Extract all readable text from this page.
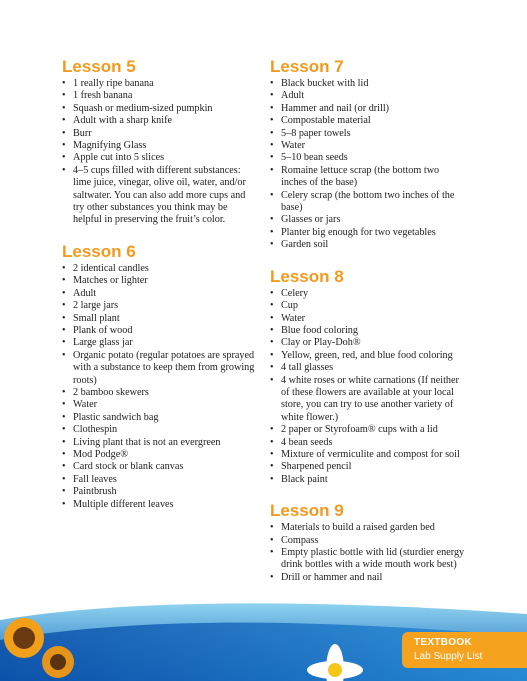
Lesson 5
• 1 really ripe banana
• 1 fresh banana
• Squash or medium-sized pumpkin
• Adult with a sharp knife
• Burr
• Magnifying Glass
• Apple cut into 5 slices
• 4–5 cups filled with different substances: lime juice, vinegar, olive oil, water, and/or saltwater. You can also add more cups and try other substances you think may be helpful in preserving the fruit’s color.
Lesson 6
• 2 identical candles
• Matches or lighter
• Adult
• 2 large jars
• Small plant
• Plank of wood
• Large glass jar
• Organic potato (regular potatoes are sprayed with a substance to keep them from growing roots)
• 2 bamboo skewers
• Water
• Plastic sandwich bag
• Clothespin
• Living plant that is not an evergreen
• Mod Podge®
• Card stock or blank canvas
• Fall leaves
• Paintbrush
• Multiple different leaves
Lesson 7
• Black bucket with lid
• Adult
• Hammer and nail (or drill)
• Compostable material
• 5–8 paper towels
• Water
• 5–10 bean seeds
• Romaine lettuce scrap (the bottom two inches of the base)
• Celery scrap (the bottom two inches of the base)
• Glasses or jars
• Planter big enough for two vegetables
• Garden soil
Lesson 8
• Celery
• Cup
• Water
• Blue food coloring
• Clay or Play-Doh®
• Yellow, green, red, and blue food coloring
• 4 tall glasses
• 4 white roses or white carnations (If neither of these flowers are available at your local store, you can try to use another variety of white flower.)
• 2 paper or Styrofoam® cups with a lid
• 4 bean seeds
• Mixture of vermiculite and compost for soil
• Sharpened pencil
• Black paint
Lesson 9
• Materials to build a raised garden bed
• Compass
• Empty plastic bottle with lid (sturdier energy drink bottles with a wide mouth work best)
• Drill or hammer and nail
TEXTBOOK
Lab Supply List
